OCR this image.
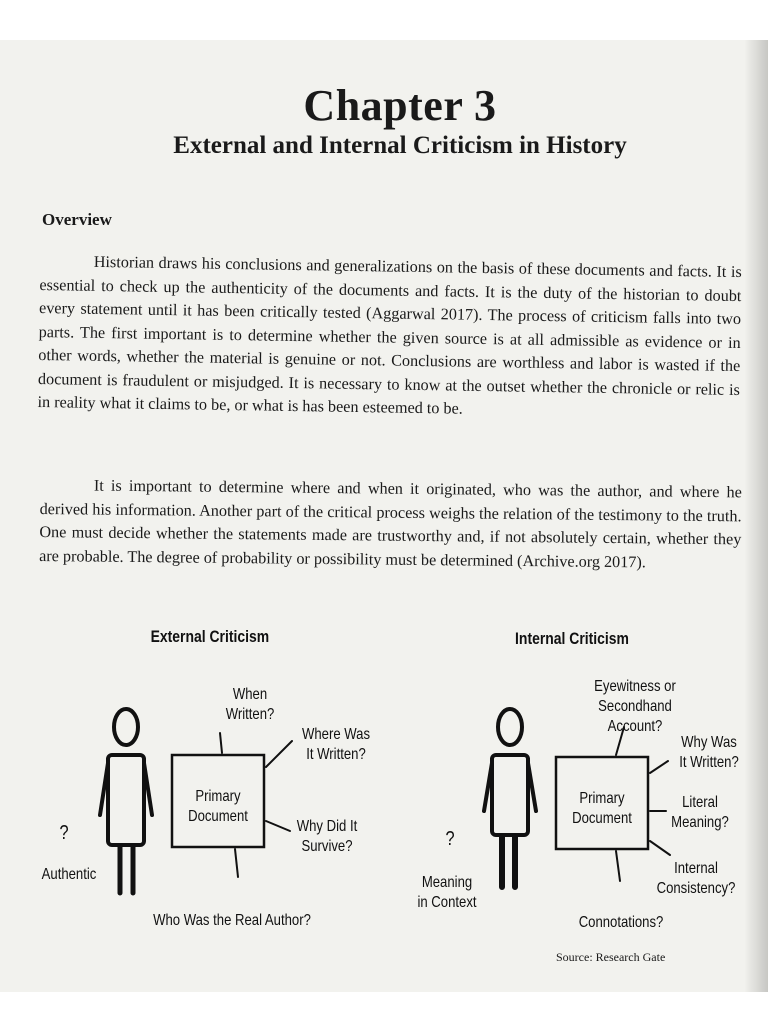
Chapter 3
External and Internal Criticism in History
Overview

Historian draws his conclusions and generalizations on the basis of these documents and facts. It is essential to check up the authenticity of the documents and facts. It is the duty of the historian to doubt every statement until it has been critically tested (Aggarwal 2017). The process of criticism falls into two parts. The first important is to determine whether the given source is at all admissible as evidence or in other words, whether the material is genuine or not. Conclusions are worthless and labor is wasted if the document is fraudulent or misjudged. It is necessary to know at the outset whether the chronicle or relic is in reality what it claims to be, or what is has been esteemed to be.

It is important to determine where and when it originated, who was the author, and where he derived his information. Another part of the critical process weighs the relation of the testimony to the truth. One must decide whether the statements made are trustworthy and, if not absolutely certain, whether they are probable. The degree of probability or possibility must be determined (Archive.org 2017).

External Criticism
When
Written?
Where Was
It Written?
Primary
Document
Why Did It
Survive?
Who Was the Real Author?
?
Authentic
Internal Criticism
Eyewitness or
Secondhand Account?
Why Was
It Written?
Primary
Document
Literal
Meaning?
Internal
Consistency?
Connotations?
?
Meaning
in Context
Source: Research Gate
